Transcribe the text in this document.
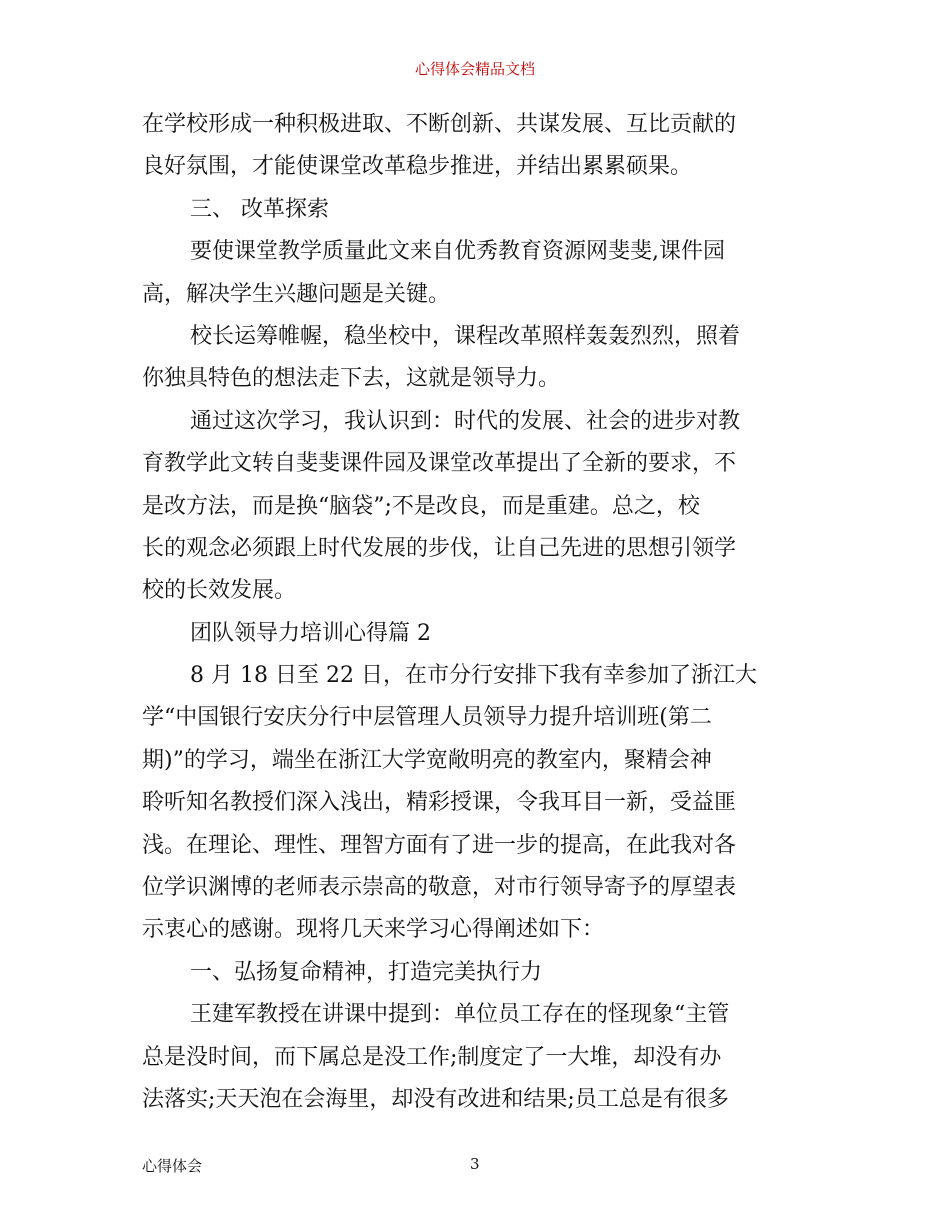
心得体会精品文档
在学校形成一种积极进取、不断创新、共谋发展、互比贡献的
良好氛围，才能使课堂改革稳步推进，并结出累累硕果。
三、 改革探索
要使课堂教学质量此文来自优秀教育资源网斐斐,课件园
高，解决学生兴趣问题是关键。
校长运筹帷幄，稳坐校中，课程改革照样轰轰烈烈，照着
你独具特色的想法走下去，这就是领导力。
通过这次学习，我认识到：时代的发展、社会的进步对教
育教学此文转自斐斐课件园及课堂改革提出了全新的要求，不
是改方法，而是换“脑袋”;不是改良，而是重建。总之，校
长的观念必须跟上时代发展的步伐，让自己先进的思想引领学
校的长效发展。
团队领导力培训心得篇 2
8 月 18 日至 22 日，在市分行安排下我有幸参加了浙江大
学“中国银行安庆分行中层管理人员领导力提升培训班(第二
期)”的学习，端坐在浙江大学宽敞明亮的教室内，聚精会神
聆听知名教授们深入浅出，精彩授课，令我耳目一新，受益匪
浅。在理论、理性、理智方面有了进一步的提高，在此我对各
位学识渊博的老师表示崇高的敬意，对市行领导寄予的厚望表
示衷心的感谢。现将几天来学习心得阐述如下：
一、弘扬复命精神，打造完美执行力
王建军教授在讲课中提到：单位员工存在的怪现象“主管
总是没时间，而下属总是没工作;制度定了一大堆，却没有办
法落实;天天泡在会海里，却没有改进和结果;员工总是有很多
心得体会	3
